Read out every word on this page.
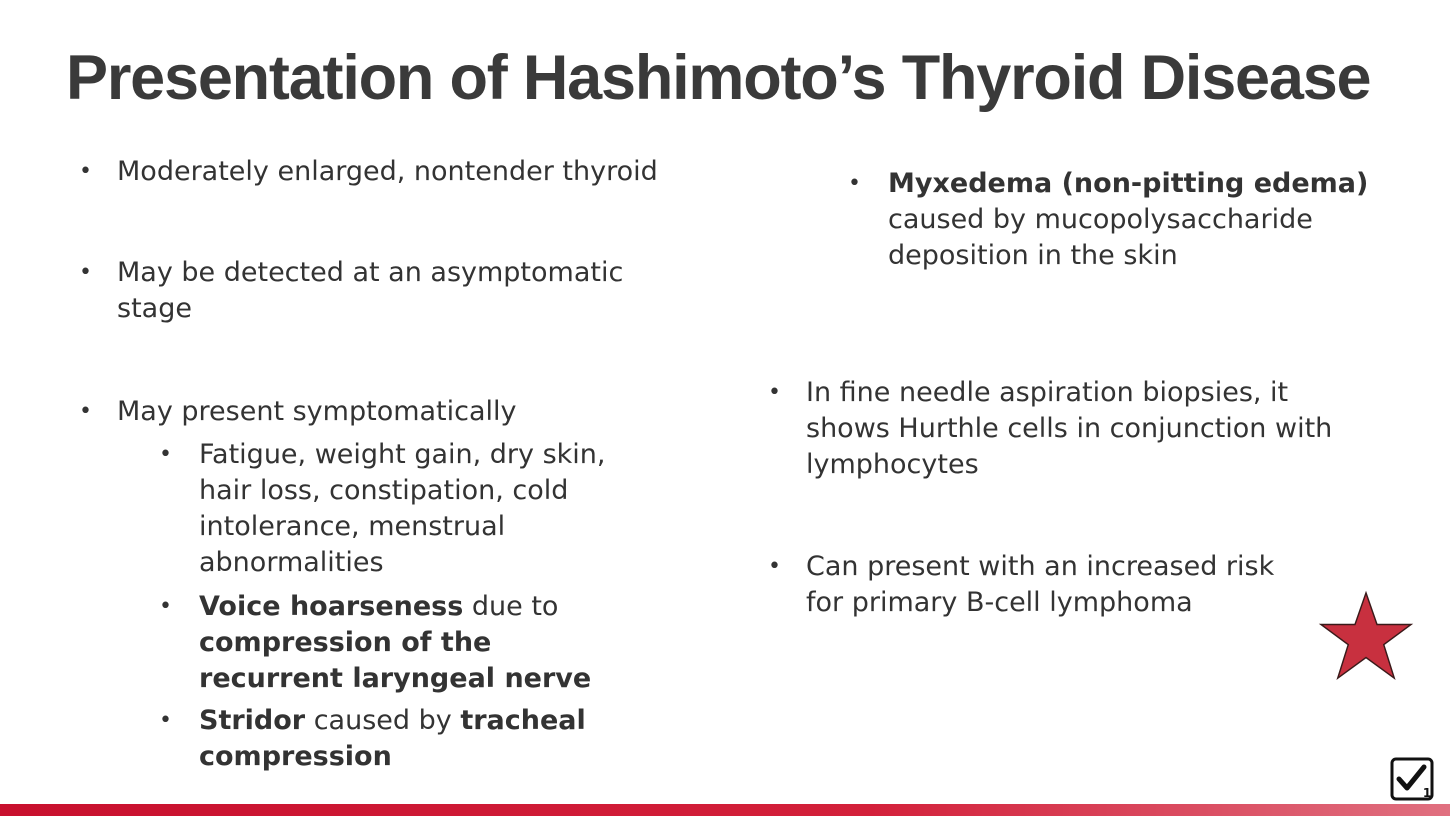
Presentation of Hashimoto’s Thyroid Disease
• Moderately enlarged, nontender thyroid
• May be detected at an asymptomatic stage
• May present symptomatically
• Fatigue, weight gain, dry skin, hair loss, constipation, cold intolerance, menstrual abnormalities
• Voice hoarseness due to compression of the recurrent laryngeal nerve
• Stridor caused by tracheal compression
• Myxedema (non-pitting edema) caused by mucopolysaccharide deposition in the skin
• In fine needle aspiration biopsies, it shows Hurthle cells in conjunction with lymphocytes
• Can present with an increased risk for primary B-cell lymphoma
1
